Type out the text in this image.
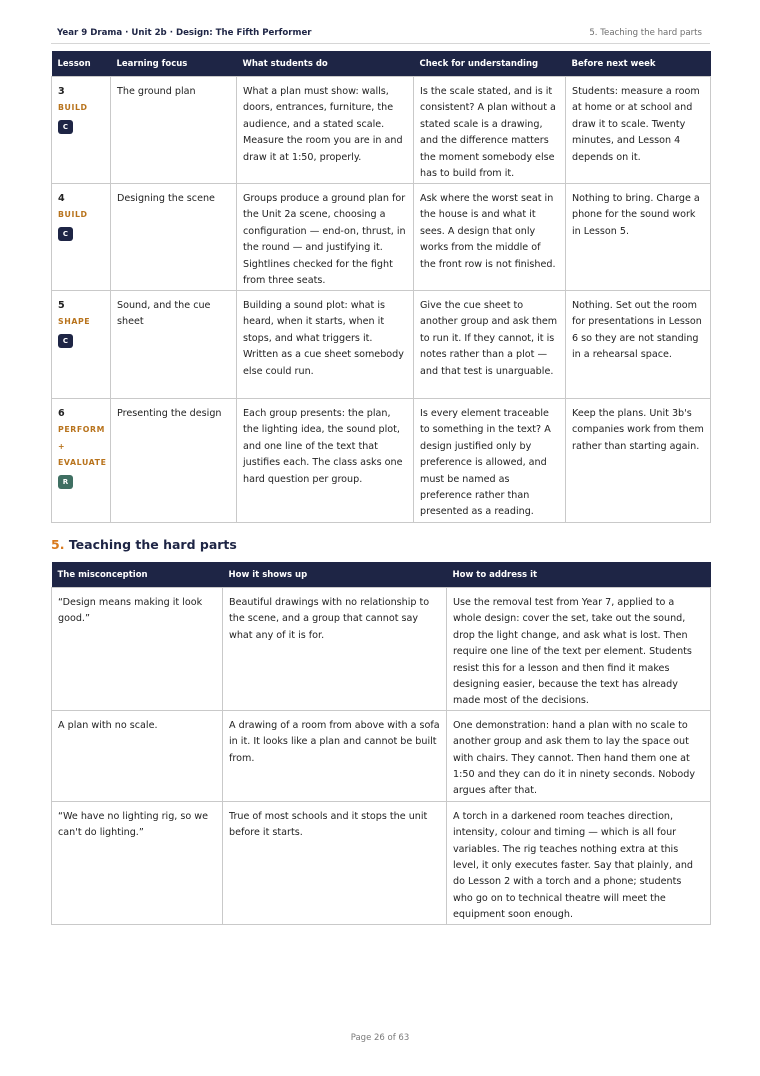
Year 9 Drama · Unit 2b · Design: The Fifth Performer	5. Teaching the hard parts
Lesson	Learning focus	What students do	Check for understanding	Before next week

3
BUILD
C	The ground plan	What a plan must show: walls, doors, entrances, furniture, the audience, and a stated scale. Measure the room you are in and draw it at 1:50, properly.	Is the scale stated, and is it consistent? A plan without a stated scale is a drawing, and the difference matters the moment somebody else has to build from it.	Students: measure a room at home or at school and draw it to scale. Twenty minutes, and Lesson 4 depends on it.

4
BUILD
C	Designing the scene	Groups produce a ground plan for the Unit 2a scene, choosing a configuration — end-on, thrust, in the round — and justifying it. Sightlines checked for the fight from three seats.	Ask where the worst seat in the house is and what it sees. A design that only works from the middle of the front row is not finished.	Nothing to bring. Charge a phone for the sound work in Lesson 5.

5
SHAPE
C	Sound, and the cue sheet	Building a sound plot: what is heard, when it starts, when it stops, and what triggers it. Written as a cue sheet somebody else could run.	Give the cue sheet to another group and ask them to run it. If they cannot, it is notes rather than a plot — and that test is unarguable.	Nothing. Set out the room for presentations in Lesson 6 so they are not standing in a rehearsal space.

6
PERFORM
+
EVALUATE
R	Presenting the design	Each group presents: the plan, the lighting idea, the sound plot, and one line of the text that justifies each. The class asks one hard question per group.	Is every element traceable to something in the text? A design justified only by preference is allowed, and must be named as preference rather than presented as a reading.	Keep the plans. Unit 3b's companies work from them rather than starting again.
5. Teaching the hard parts
The misconception	How it shows up	How to address it
“Design means making it look good.”	Beautiful drawings with no relationship to the scene, and a group that cannot say what any of it is for.	Use the removal test from Year 7, applied to a whole design: cover the set, take out the sound, drop the light change, and ask what is lost. Then require one line of the text per element. Students resist this for a lesson and then find it makes designing easier, because the text has already made most of the decisions.
A plan with no scale.	A drawing of a room from above with a sofa in it. It looks like a plan and cannot be built from.	One demonstration: hand a plan with no scale to another group and ask them to lay the space out with chairs. They cannot. Then hand them one at 1:50 and they can do it in ninety seconds. Nobody argues after that.
“We have no lighting rig, so we can't do lighting.”	True of most schools and it stops the unit before it starts.	A torch in a darkened room teaches direction, intensity, colour and timing — which is all four variables. The rig teaches nothing extra at this level, it only executes faster. Say that plainly, and do Lesson 2 with a torch and a phone; students who go on to technical theatre will meet the equipment soon enough.
Page 26 of 63
